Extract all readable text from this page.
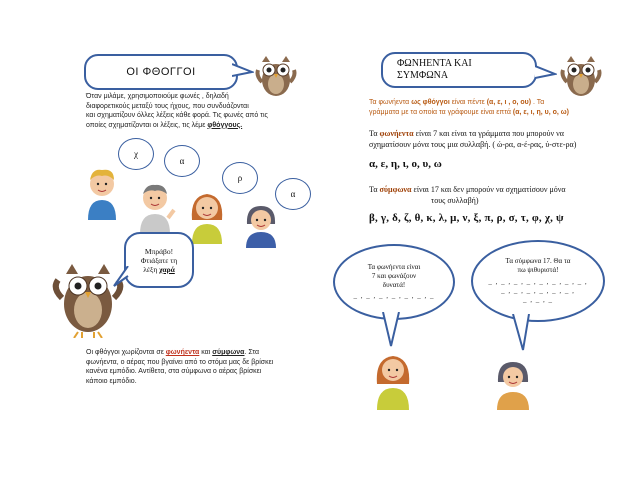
ΟΙ ΦΘΟΓΓΟΙ
Όταν μιλάμε, χρησιμοποιούμε φωνές , δηλαδή
διαφορετικούς μεταξύ τους ήχους, που συνδυάζονται
και σχηματίζουν όλλες λέξεις κάθε φορά. Τις φωνές από τις
οποίες σχηματίζονται οι λέξεις, τις λέμε φθόγγους.
χ
α
ρ
α
Μπράβο!
Φτιάξατε τη
λέξη χαρά
Οι φθόγγοι χωρίζονται σε φωνήεντα και σύμφωνα. Στα
φωνήεντα, ο αέρας που βγαίνει από το στόμα μας δε βρίσκει
κανένα εμπόδιο. Αντίθετα, στα σύμφωνα ο αέρας βρίσκει
κάποιο εμπόδιο.
ΦΩΝΗΕΝΤΑ ΚΑΙ
ΣΥΜΦΩΝΑ
Τα φωνήεντα ως φθόγγοι είναι πέντε (α, ε, ι , ο, ου) . Τα
γράμματα με τα οποία τα γράφουμε είναι επτά (α, ε, ι, η, υ, ο, ω)
Τα φωνήεντα είναι 7 και είναι τα γράμματα που μπορούν να
σχηματίσουν μόνα τους μια συλλαβή. ( ώ-ρα, α-έ-ρας, ύ-στε-ρα)
α, ε, η, ι, ο, υ, ω
Τα σύμφωνα είναι 17 και δεν μπορούν να σχηματίσουν μόνα
τους συλλαβή)
β, γ, δ, ζ, θ, κ, λ, μ, ν, ξ, π, ρ, σ, τ, φ, χ, ψ
Τα φωνήεντα είναι
7 και φωνάζουν
δυνατά!
_ , _ , _ , _ , _ , _ , _
Τα σύμφωνα 17. Θα τα
πω ψιθυριστά!
_ , _ , _ , _ , _ , _ , _ , _ ,
_ , _ , _ , _ , _ , _ ,
_ , _ , _
